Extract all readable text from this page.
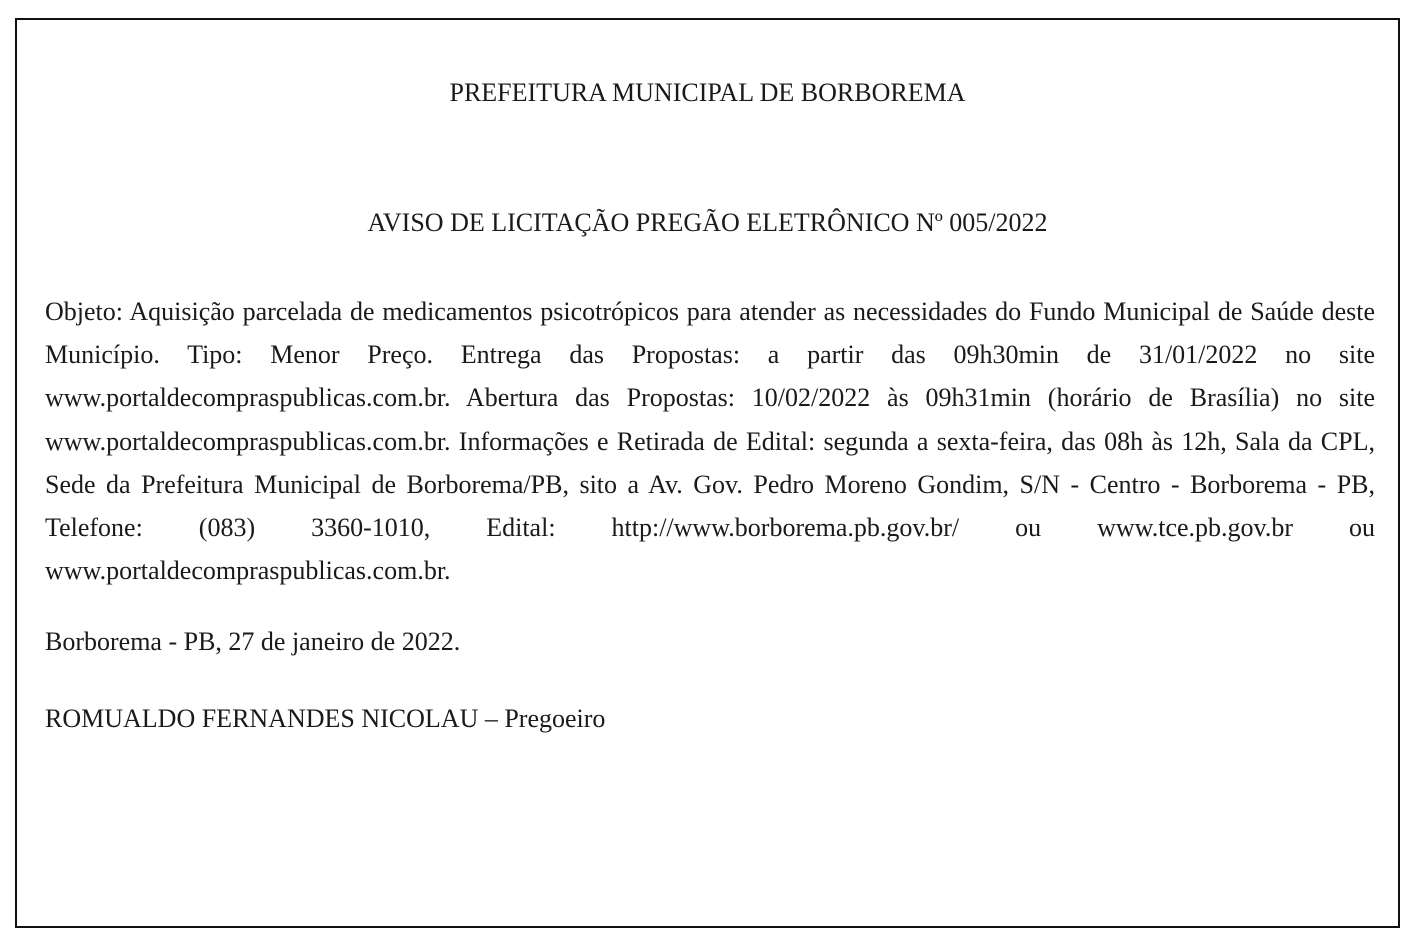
PREFEITURA MUNICIPAL DE BORBOREMA

AVISO DE LICITAÇÃO PREGÃO ELETRÔNICO Nº 005/2022

Objeto: Aquisição parcelada de medicamentos psicotrópicos para atender as necessidades do Fundo Municipal de Saúde deste Município. Tipo: Menor Preço. Entrega das Propostas: a partir das 09h30min de 31/01/2022 no site www.portaldecompraspublicas.com.br. Abertura das Propostas: 10/02/2022 às 09h31min (horário de Brasília) no site www.portaldecompraspublicas.com.br. Informações e Retirada de Edital: segunda a sexta-feira, das 08h às 12h, Sala da CPL, Sede da Prefeitura Municipal de Borborema/PB, sito a Av. Gov. Pedro Moreno Gondim, S/N - Centro - Borborema - PB, Telefone: (083) 3360-1010, Edital: http://www.borborema.pb.gov.br/ ou www.tce.pb.gov.br ou www.portaldecompraspublicas.com.br.

Borborema - PB, 27 de janeiro de 2022.

ROMUALDO FERNANDES NICOLAU – Pregoeiro
